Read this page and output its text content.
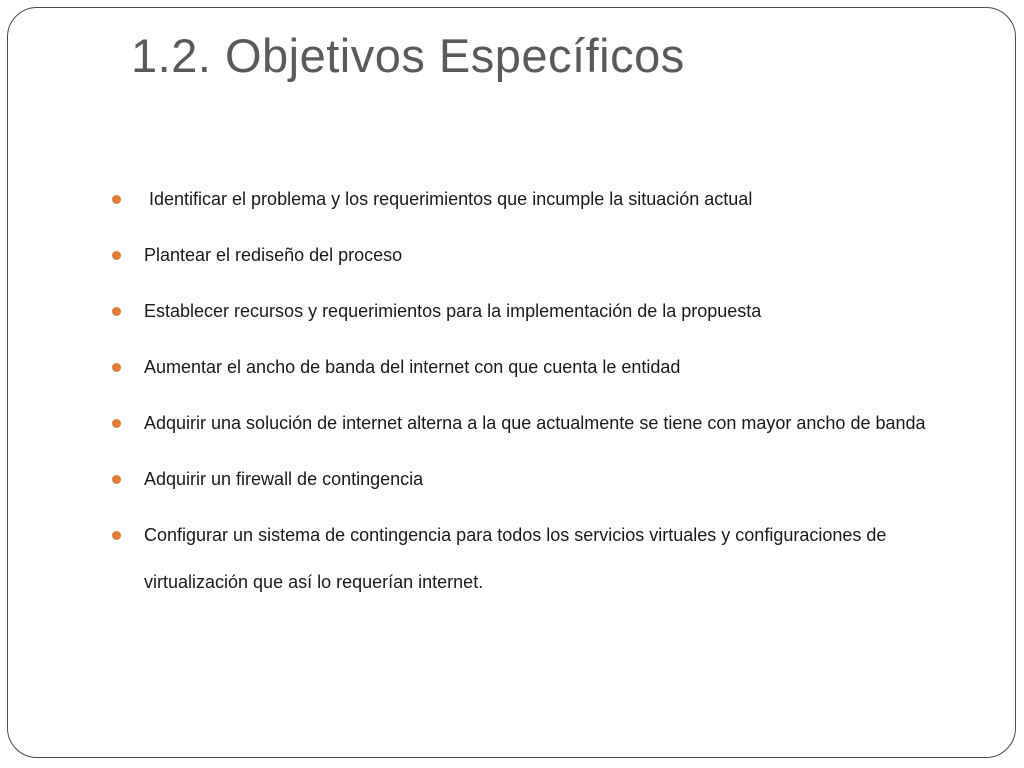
1.2. Objetivos Específicos
Identificar el problema y los requerimientos que incumple la situación actual
Plantear el rediseño del proceso
Establecer recursos y requerimientos para la implementación de la propuesta
Aumentar el ancho de banda del internet con que cuenta le entidad
Adquirir una solución de internet alterna a la que actualmente se tiene con mayor ancho de banda
Adquirir un firewall de contingencia
Configurar un sistema de contingencia para todos los servicios virtuales y configuraciones de virtualización que así lo requerían internet.
